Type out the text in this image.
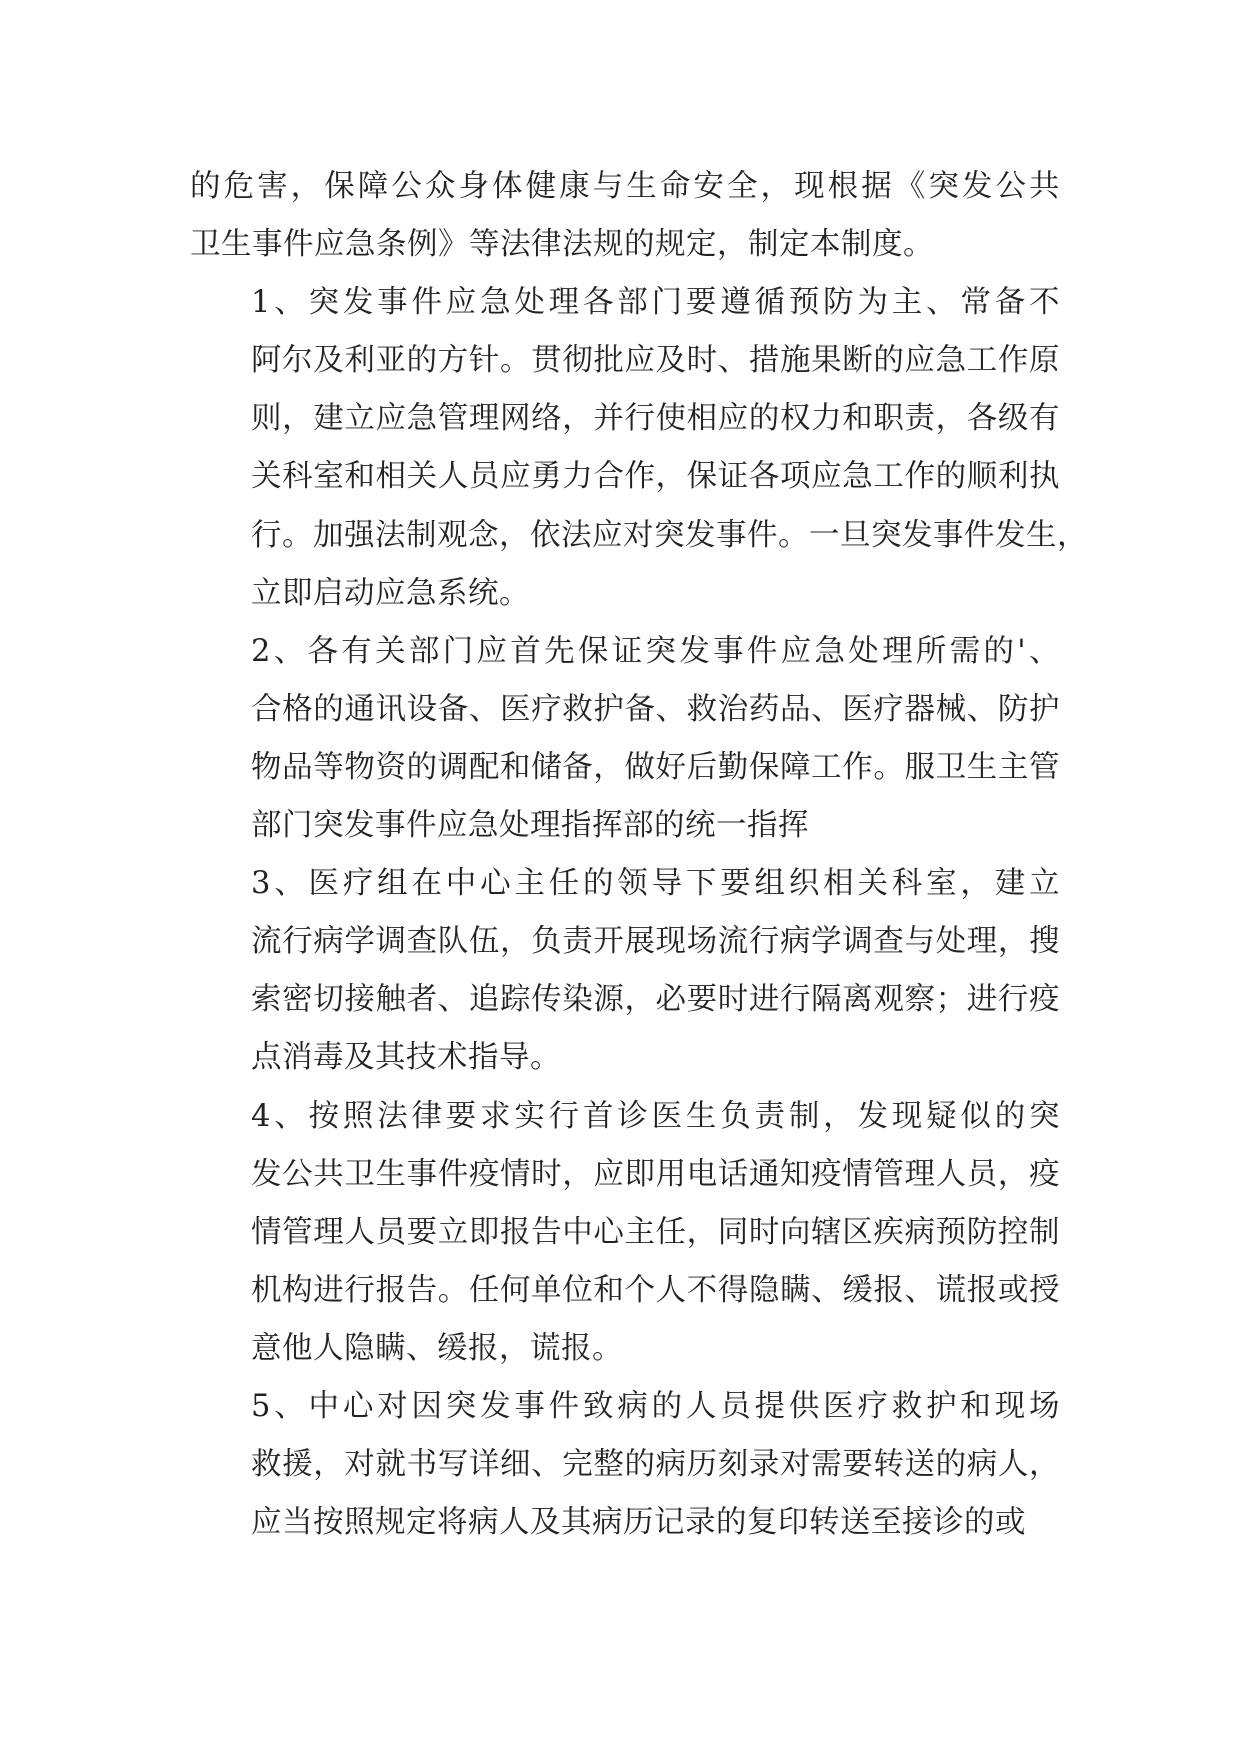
的危害，保障公众身体健康与生命安全，现根据《突发公共
卫生事件应急条例》等法律法规的规定，制定本制度。

1、突发事件应急处理各部门要遵循预防为主、常备不
阿尔及利亚的方针。贯彻批应及时、措施果断的应急工作原
则，建立应急管理网络，并行使相应的权力和职责，各级有
关科室和相关人员应勇力合作，保证各项应急工作的顺利执
行。加强法制观念，依法应对突发事件。一旦突发事件发生，
立即启动应急系统。

2、各有关部门应首先保证突发事件应急处理所需的'、
合格的通讯设备、医疗救护备、救治药品、医疗器械、防护
物品等物资的调配和储备，做好后勤保障工作。服卫生主管
部门突发事件应急处理指挥部的统一指挥

3、医疗组在中心主任的领导下要组织相关科室，建立
流行病学调查队伍，负责开展现场流行病学调查与处理，搜
索密切接触者、追踪传染源，必要时进行隔离观察；进行疫
点消毒及其技术指导。

4、按照法律要求实行首诊医生负责制，发现疑似的突
发公共卫生事件疫情时，应即用电话通知疫情管理人员，疫
情管理人员要立即报告中心主任，同时向辖区疾病预防控制
机构进行报告。任何单位和个人不得隐瞒、缓报、谎报或授
意他人隐瞒、缓报，谎报。

5、中心对因突发事件致病的人员提供医疗救护和现场
救援，对就书写详细、完整的病历刻录对需要转送的病人，
应当按照规定将病人及其病历记录的复印转送至接诊的或
